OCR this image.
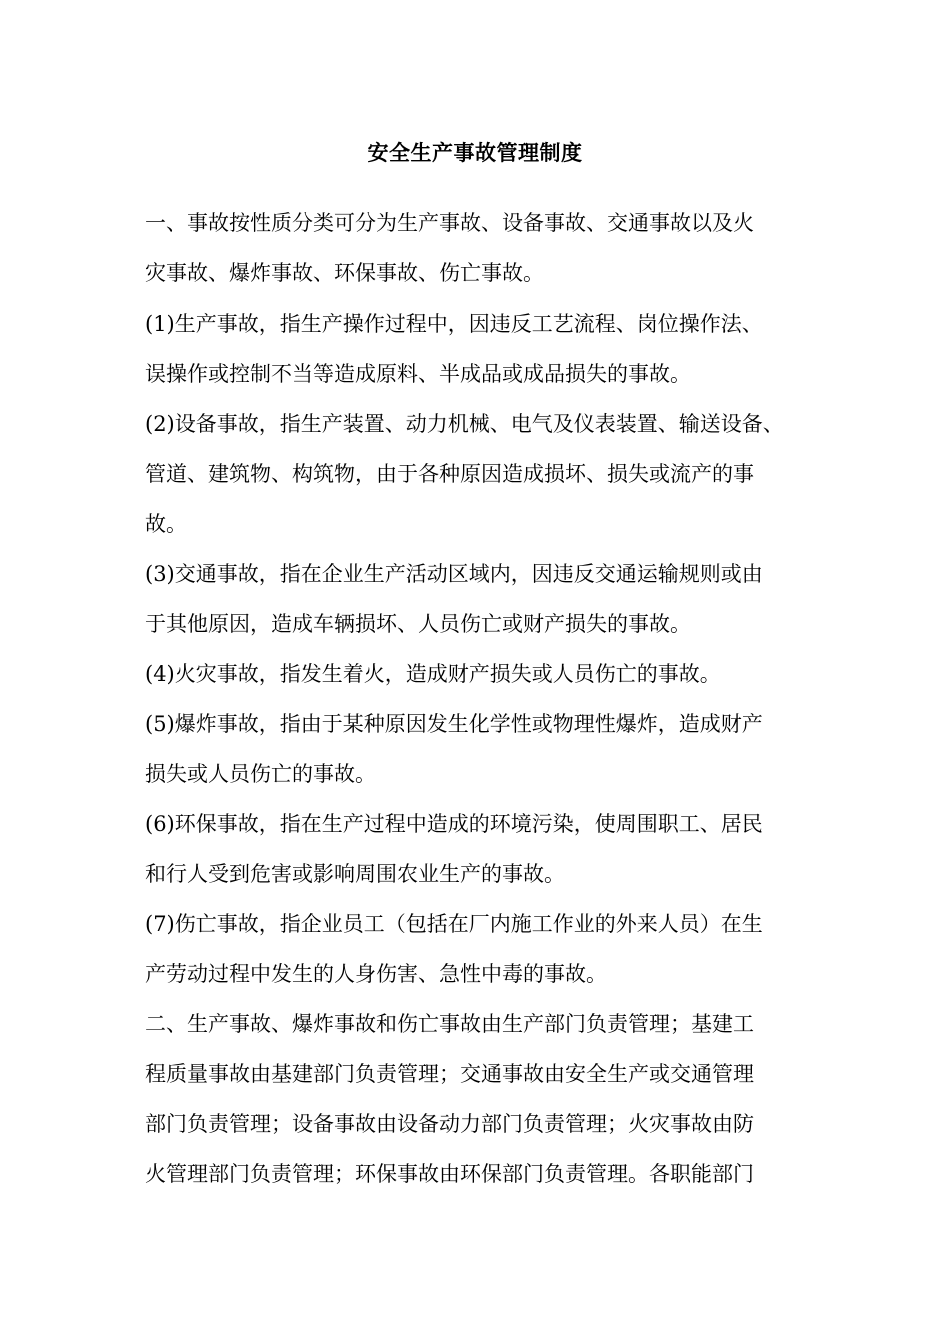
安全生产事故管理制度
一、事故按性质分类可分为生产事故、设备事故、交通事故以及火
灾事故、爆炸事故、环保事故、伤亡事故。
(1)生产事故，指生产操作过程中，因违反工艺流程、岗位操作法、
误操作或控制不当等造成原料、半成品或成品损失的事故。
(2)设备事故，指生产装置、动力机械、电气及仪表装置、输送设备、
管道、建筑物、构筑物，由于各种原因造成损坏、损失或流产的事
故。
(3)交通事故，指在企业生产活动区域内，因违反交通运输规则或由
于其他原因，造成车辆损坏、人员伤亡或财产损失的事故。
(4)火灾事故，指发生着火，造成财产损失或人员伤亡的事故。
(5)爆炸事故，指由于某种原因发生化学性或物理性爆炸，造成财产
损失或人员伤亡的事故。
(6)环保事故，指在生产过程中造成的环境污染，使周围职工、居民
和行人受到危害或影响周围农业生产的事故。
(7)伤亡事故，指企业员工（包括在厂内施工作业的外来人员）在生
产劳动过程中发生的人身伤害、急性中毒的事故。
二、生产事故、爆炸事故和伤亡事故由生产部门负责管理；基建工
程质量事故由基建部门负责管理；交通事故由安全生产或交通管理
部门负责管理；设备事故由设备动力部门负责管理；火灾事故由防
火管理部门负责管理；环保事故由环保部门负责管理。各职能部门
